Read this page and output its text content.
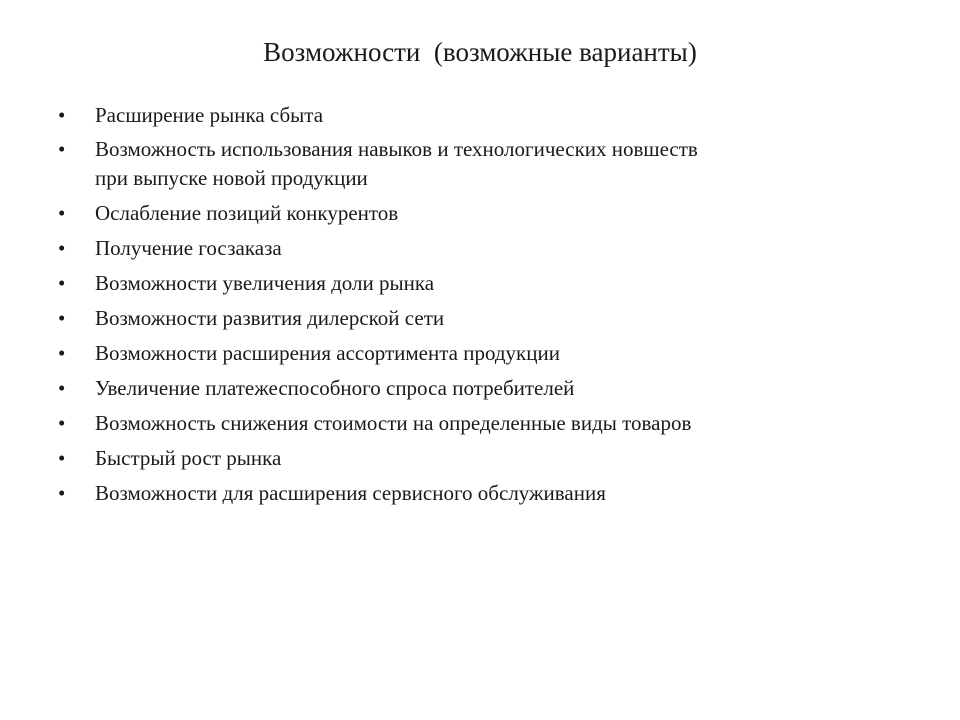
Возможности  (возможные варианты)
•	Расширение рынка сбыта
•	Возможность использования навыков и технологических новшеств
при выпуске новой продукции
•	Ослабление позиций конкурентов
•	Получение госзаказа
•	Возможности увеличения доли рынка
•	Возможности развития дилерской сети
•	Возможности расширения ассортимента продукции
•	Увеличение платежеспособного спроса потребителей
•	Возможность снижения стоимости на определенные виды товаров
•	Быстрый рост рынка
•	Возможности для расширения сервисного обслуживания
